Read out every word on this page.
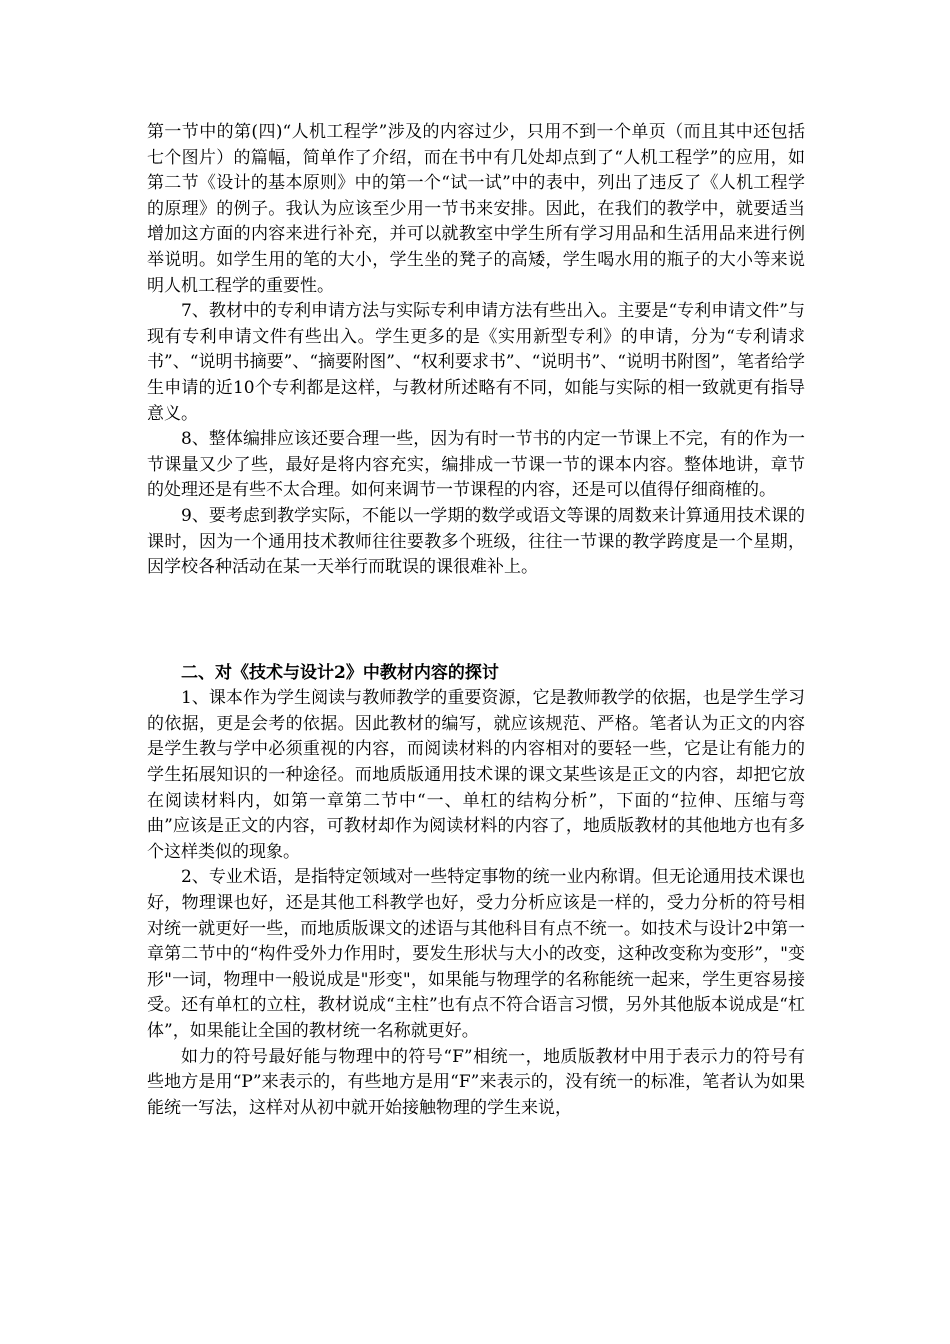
第一节中的第(四)“人机工程学”涉及的内容过少，只用不到一个单页（而且其中还包括七个图片）的篇幅，简单作了介绍，而在书中有几处却点到了“人机工程学”的应用，如第二节《设计的基本原则》中的第一个“试一试”中的表中，列出了违反了《人机工程学的原理》的例子。我认为应该至少用一节书来安排。因此，在我们的教学中，就要适当增加这方面的内容来进行补充，并可以就教室中学生所有学习用品和生活用品来进行例举说明。如学生用的笔的大小，学生坐的凳子的高矮，学生喝水用的瓶子的大小等来说明人机工程学的重要性。

7、教材中的专利申请方法与实际专利申请方法有些出入。主要是“专利申请文件”与现有专利申请文件有些出入。学生更多的是《实用新型专利》的申请，分为“专利请求书”、“说明书摘要”、“摘要附图”、“权利要求书”、“说明书”、“说明书附图”，笔者给学生申请的近10个专利都是这样，与教材所述略有不同，如能与实际的相一致就更有指导意义。

8、整体编排应该还要合理一些，因为有时一节书的内定一节课上不完，有的作为一节课量又少了些，最好是将内容充实，编排成一节课一节的课本内容。整体地讲，章节的处理还是有些不太合理。如何来调节一节课程的内容，还是可以值得仔细商榷的。

9、要考虑到教学实际，不能以一学期的数学或语文等课的周数来计算通用技术课的课时，因为一个通用技术教师往往要教多个班级，往往一节课的教学跨度是一个星期，因学校各种活动在某一天举行而耽误的课很难补上。

二、对《技术与设计2》中教材内容的探讨

1、课本作为学生阅读与教师教学的重要资源，它是教师教学的依据，也是学生学习的依据，更是会考的依据。因此教材的编写，就应该规范、严格。笔者认为正文的内容是学生教与学中必须重视的内容，而阅读材料的内容相对的要轻一些，它是让有能力的学生拓展知识的一种途径。而地质版通用技术课的课文某些该是正文的内容，却把它放在阅读材料内，如第一章第二节中“一、单杠的结构分析”，下面的“拉伸、压缩与弯曲”应该是正文的内容，可教材却作为阅读材料的内容了，地质版教材的其他地方也有多个这样类似的现象。

2、专业术语，是指特定领域对一些特定事物的统一业内称谓。但无论通用技术课也好，物理课也好，还是其他工科教学也好，受力分析应该是一样的，受力分析的符号相对统一就更好一些，而地质版课文的述语与其他科目有点不统一。如技术与设计2中第一章第二节中的“构件受外力作用时，要发生形状与大小的改变，这种改变称为变形”，"变形"一词，物理中一般说成是"形变"，如果能与物理学的名称能统一起来，学生更容易接受。还有单杠的立柱，教材说成“主柱”也有点不符合语言习惯，另外其他版本说成是“杠体”，如果能让全国的教材统一名称就更好。

如力的符号最好能与物理中的符号“F”相统一，地质版教材中用于表示力的符号有些地方是用“P”来表示的，有些地方是用“F”来表示的，没有统一的标准，笔者认为如果能统一写法，这样对从初中就开始接触物理的学生来说，
